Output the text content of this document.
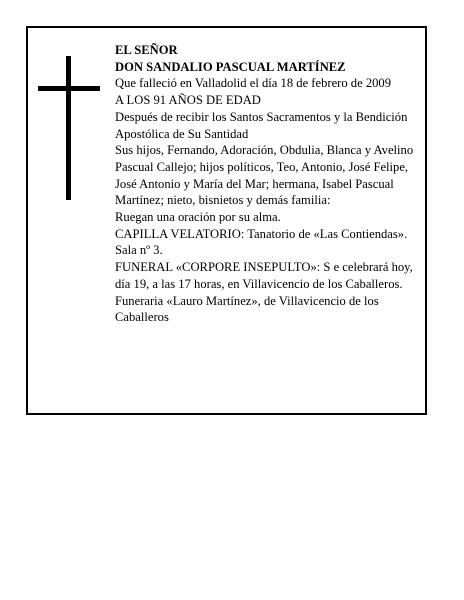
EL SEÑOR

DON SANDALIO PASCUAL MARTÍNEZ

Que falleció en Valladolid el día 18 de febrero de 2009

A LOS 91 AÑOS DE EDAD

Después de recibir los Santos Sacramentos y la Bendición Apostólica de Su Santidad

Sus hijos, Fernando, Adoración, Obdulia, Blanca y Avelino Pascual Callejo; hijos políticos, Teo, Antonio, José Felipe, José Antonio y María del Mar; hermana, Isabel Pascual Martínez; nieto, bisnietos y demás familia:

Ruegan una oración por su alma.

CAPILLA VELATORIO: Tanatorio de «Las Contiendas». Sala nº 3.

FUNERAL «CORPORE INSEPULTO»: S e celebrará hoy, día 19, a las 17 horas, en Villavicencio de los Caballeros.

Funeraria «Lauro Martínez», de Villavicencio de los Caballeros
